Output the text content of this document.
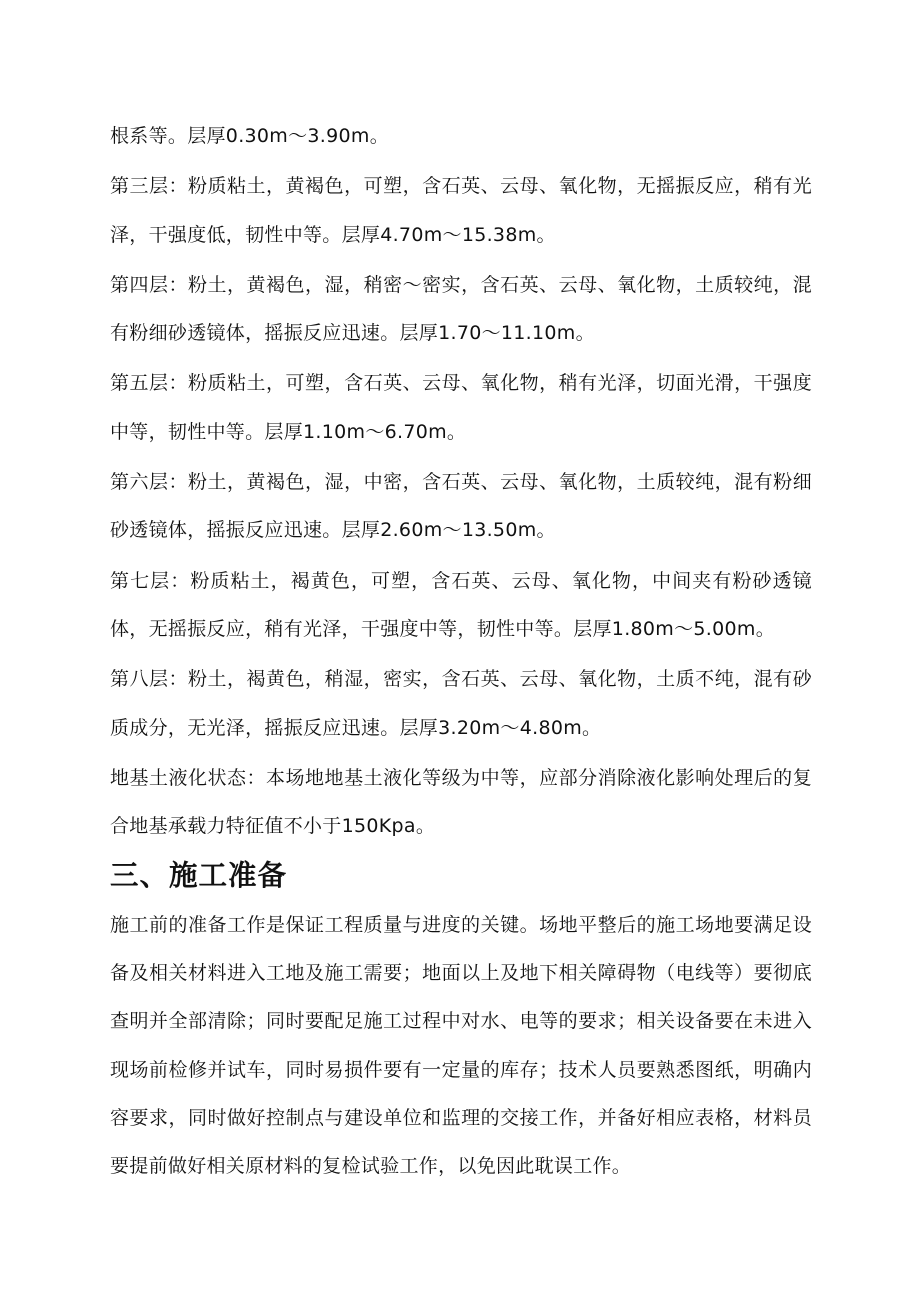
根系等。层厚0.30m～3.90m。

第三层：粉质粘土，黄褐色，可塑，含石英、云母、氧化物，无摇振反应，稍有光泽，干强度低，韧性中等。层厚4.70m～15.38m。

第四层：粉土，黄褐色，湿，稍密～密实，含石英、云母、氧化物，土质较纯，混有粉细砂透镜体，摇振反应迅速。层厚1.70～11.10m。

第五层：粉质粘土，可塑，含石英、云母、氧化物，稍有光泽，切面光滑，干强度中等，韧性中等。层厚1.10m～6.70m。

第六层：粉土，黄褐色，湿，中密，含石英、云母、氧化物，土质较纯，混有粉细砂透镜体，摇振反应迅速。层厚2.60m～13.50m。

第七层：粉质粘土，褐黄色，可塑，含石英、云母、氧化物，中间夹有粉砂透镜体，无摇振反应，稍有光泽，干强度中等，韧性中等。层厚1.80m～5.00m。

第八层：粉土，褐黄色，稍湿，密实，含石英、云母、氧化物，土质不纯，混有砂质成分，无光泽，摇振反应迅速。层厚3.20m～4.80m。

地基土液化状态：本场地地基土液化等级为中等，应部分消除液化影响处理后的复合地基承载力特征值不小于150Kpa。

三、施工准备

施工前的准备工作是保证工程质量与进度的关键。场地平整后的施工场地要满足设备及相关材料进入工地及施工需要；地面以上及地下相关障碍物（电线等）要彻底查明并全部清除；同时要配足施工过程中对水、电等的要求；相关设备要在未进入现场前检修并试车，同时易损件要有一定量的库存；技术人员要熟悉图纸，明确内容要求，同时做好控制点与建设单位和监理的交接工作，并备好相应表格，材料员要提前做好相关原材料的复检试验工作，以免因此耽误工作。
